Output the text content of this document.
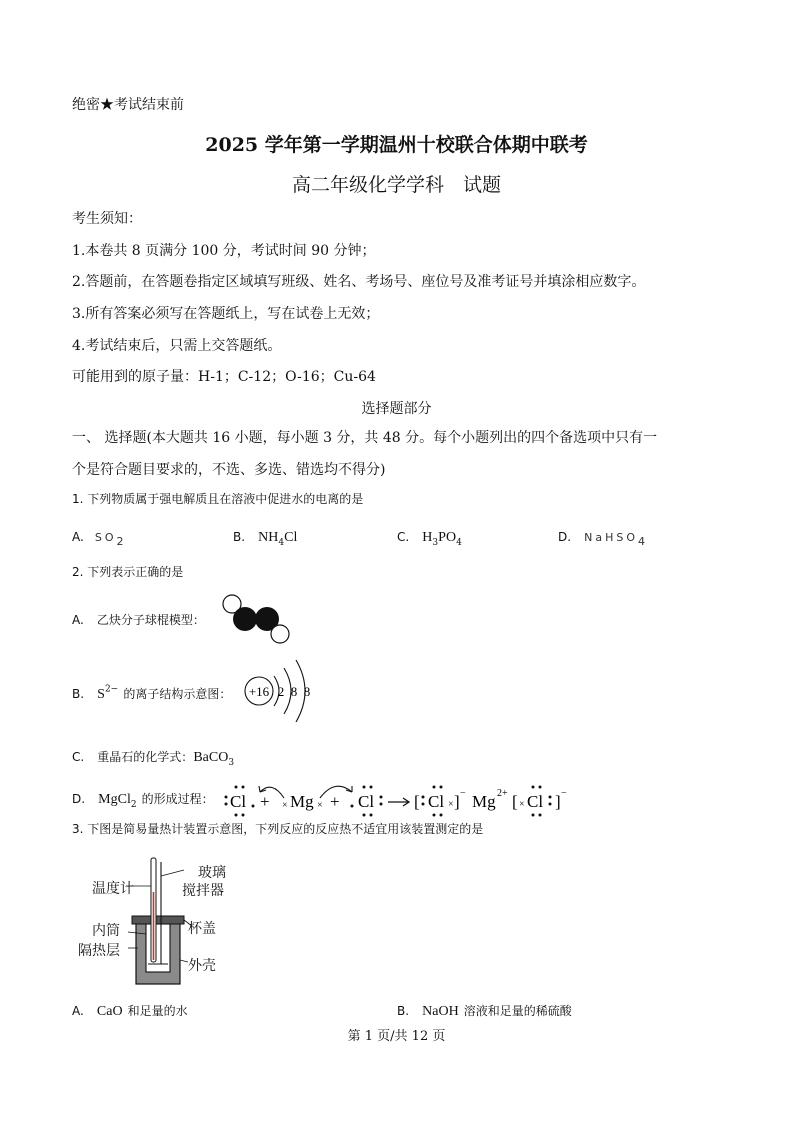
绝密★考试结束前
2025 学年第一学期温州十校联合体期中联考
高二年级化学学科　试题
考生须知：
1.本卷共 8 页满分 100 分，考试时间 90 分钟；
2.答题前，在答题卷指定区域填写班级、姓名、考场号、座位号及准考证号并填涂相应数字。
3.所有答案必须写在答题纸上，写在试卷上无效；
4.考试结束后，只需上交答题纸。
可能用到的原子量：H-1；C-12；O-16；Cu-64
选择题部分
一、 选择题(本大题共 16 小题，每小题 3 分，共 48 分。每个小题列出的四个备选项中只有一
个是符合题目要求的，不选、多选、错选均不得分)
1. 下列物质属于强电解质且在溶液中促进水的电离的是
A. $SO_2$	B. $NH_4Cl$	C. $H_3PO_4$	D. NaHSO$_4$
2. 下列表示正确的是
A. 乙炔分子球棍模型：
B. $S^{2-}$ 的离子结构示意图： +16 2 8 8
C. 重晶石的化学式：BaCO$_3$
D. MgCl$_2$ 的形成过程： Cl + × Mg × + Cl [ Cl × ] − Mg 2+ [ × Cl ] −
3. 下图是简易量热计装置示意图，下列反应的反应热不适宜用该装置测定的是
温度计
玻璃
搅拌器
杯盖
内筒
隔热层
外壳
A. CaO 和足量的水	B. NaOH 溶液和足量的稀硫酸
第 1 页/共 12 页
